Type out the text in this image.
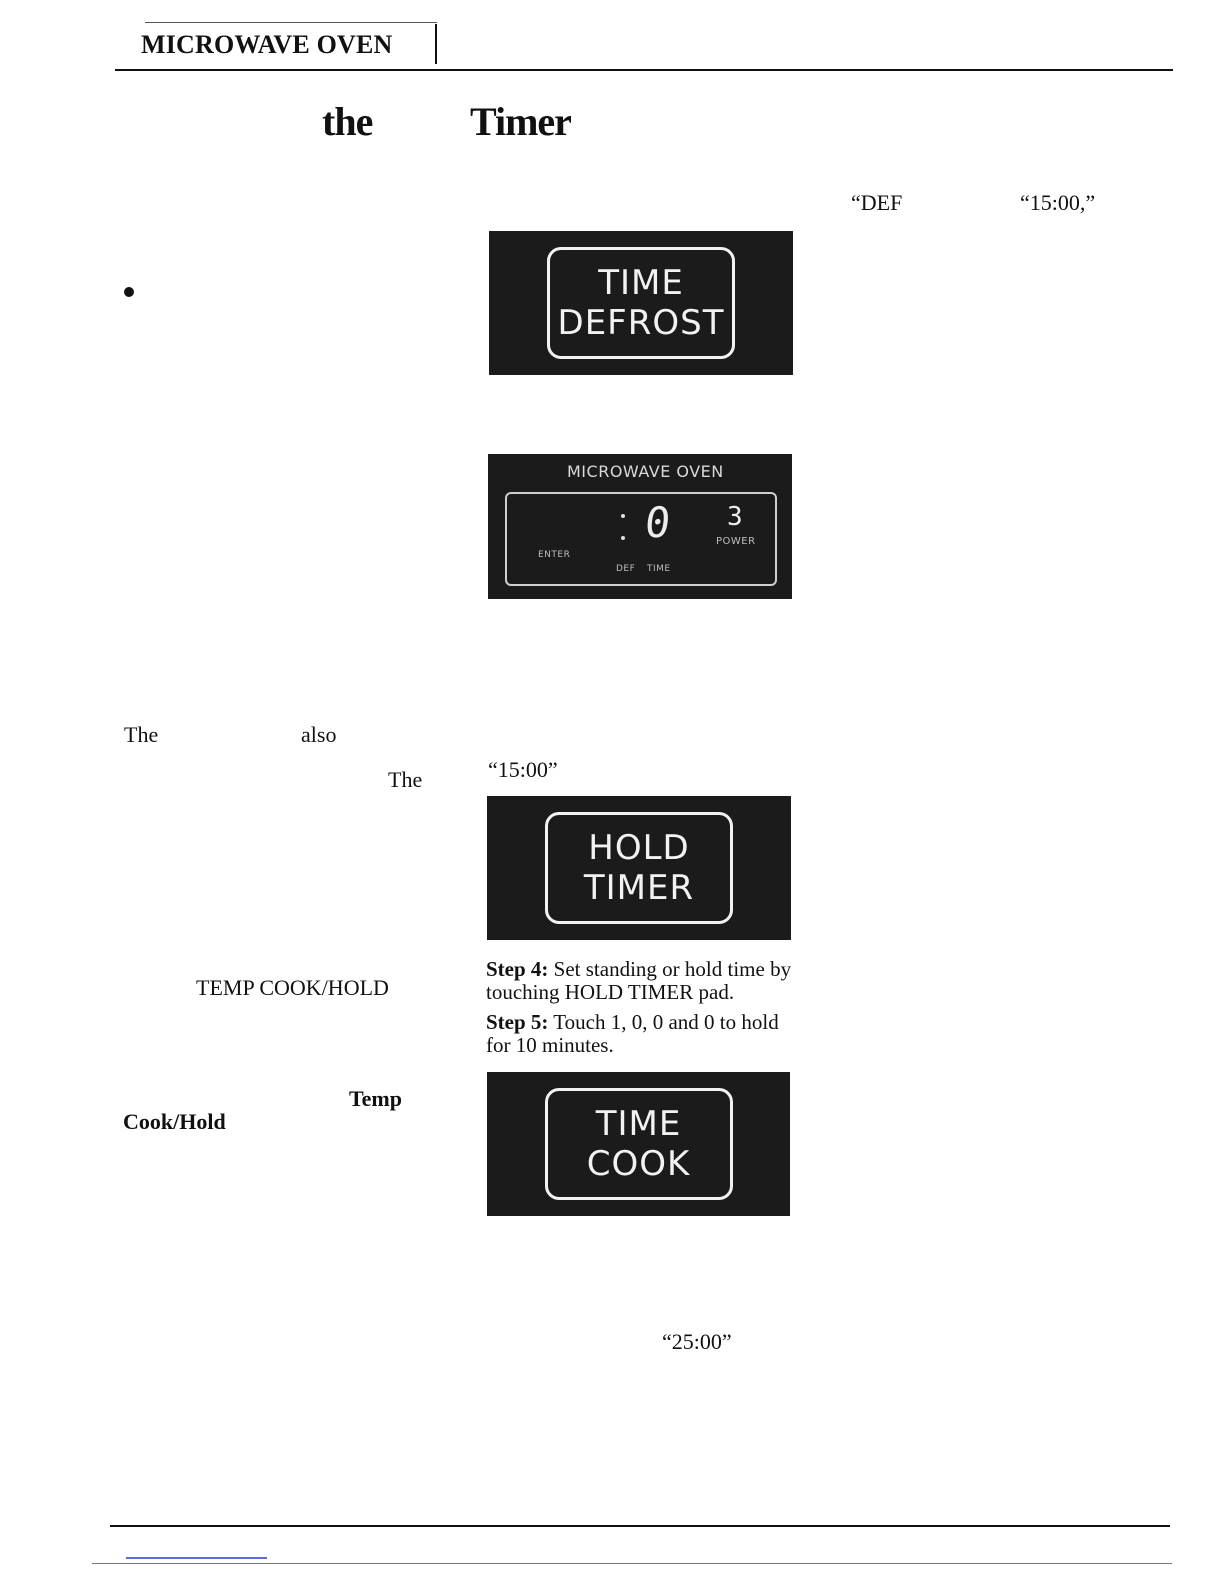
MICROWAVE OVEN
the Timer
“DEF	“15:00,”
The	also
The	“15:00”
TEMP COOK/HOLD
Temp
Cook/Hold
“25:00”
TIME
DEFROST
MICROWAVE OVEN
0 3
POWER
ENTER
DEF TIME
HOLD
TIMER
Step 4: Set standing or hold time by touching HOLD TIMER pad.
Step 5: Touch 1, 0, 0 and 0 to hold for 10 minutes.
TIME
COOK
